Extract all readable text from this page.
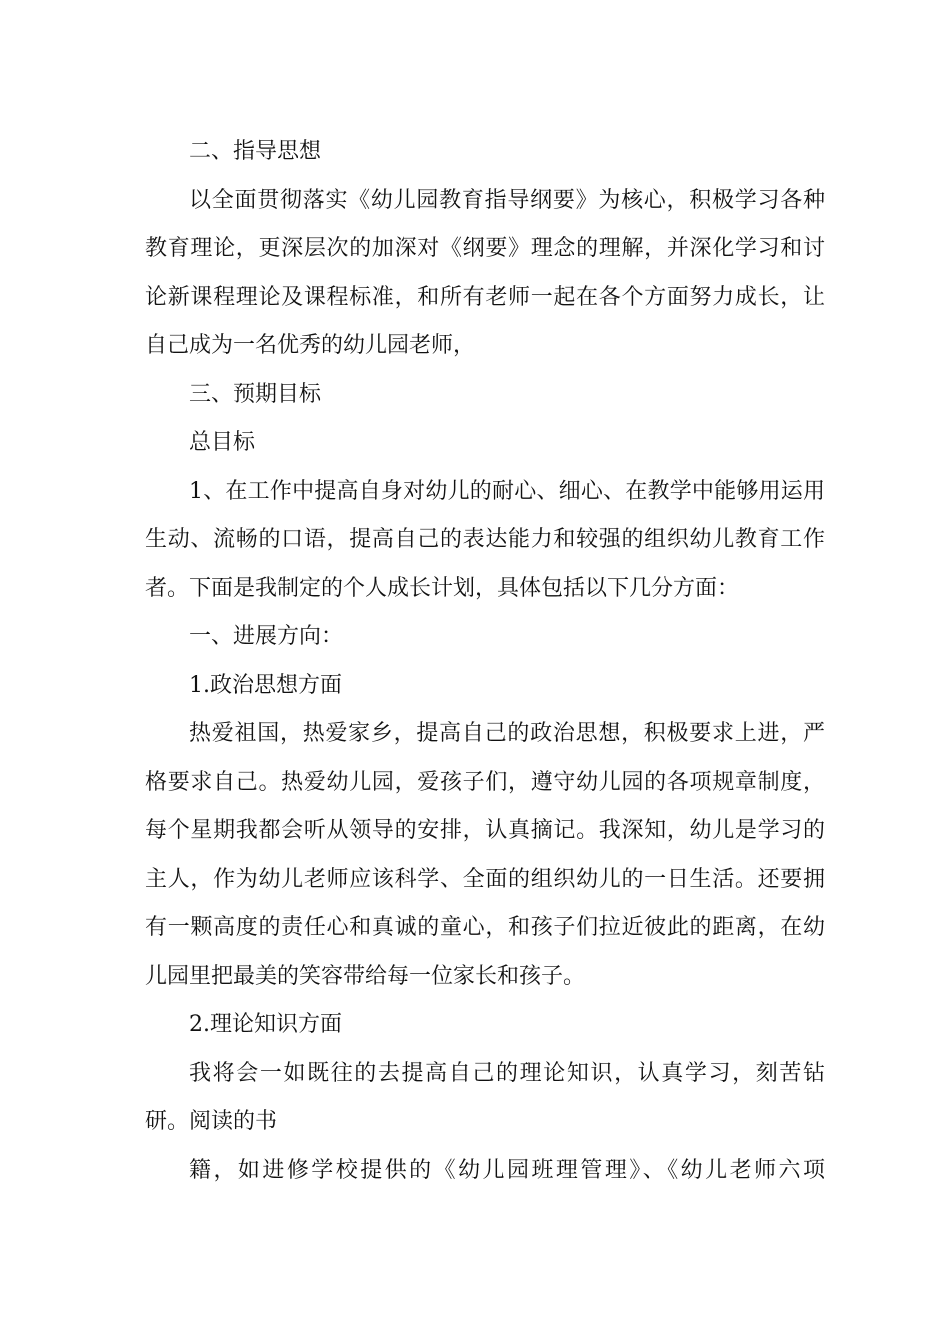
二、指导思想

以全面贯彻落实《幼儿园教育指导纲要》为核心，积极学习各种教育理论，更深层次的加深对《纲要》理念的理解，并深化学习和讨论新课程理论及课程标准，和所有老师一起在各个方面努力成长，让自己成为一名优秀的幼儿园老师，

三、预期目标

总目标

1、在工作中提高自身对幼儿的耐心、细心、在教学中能够用运用生动、流畅的口语，提高自己的表达能力和较强的组织幼儿教育工作者。下面是我制定的个人成长计划，具体包括以下几分方面：

一、进展方向：

1.政治思想方面

热爱祖国，热爱家乡，提高自己的政治思想，积极要求上进，严格要求自己。热爱幼儿园，爱孩子们，遵守幼儿园的各项规章制度，每个星期我都会听从领导的安排，认真摘记。我深知，幼儿是学习的主人，作为幼儿老师应该科学、全面的组织幼儿的一日生活。还要拥有一颗高度的责任心和真诚的童心，和孩子们拉近彼此的距离，在幼儿园里把最美的笑容带给每一位家长和孩子。

2.理论知识方面

我将会一如既往的去提高自己的理论知识，认真学习，刻苦钻研。阅读的书

籍，如进修学校提供的《幼儿园班理管理》、《幼儿老师六项
